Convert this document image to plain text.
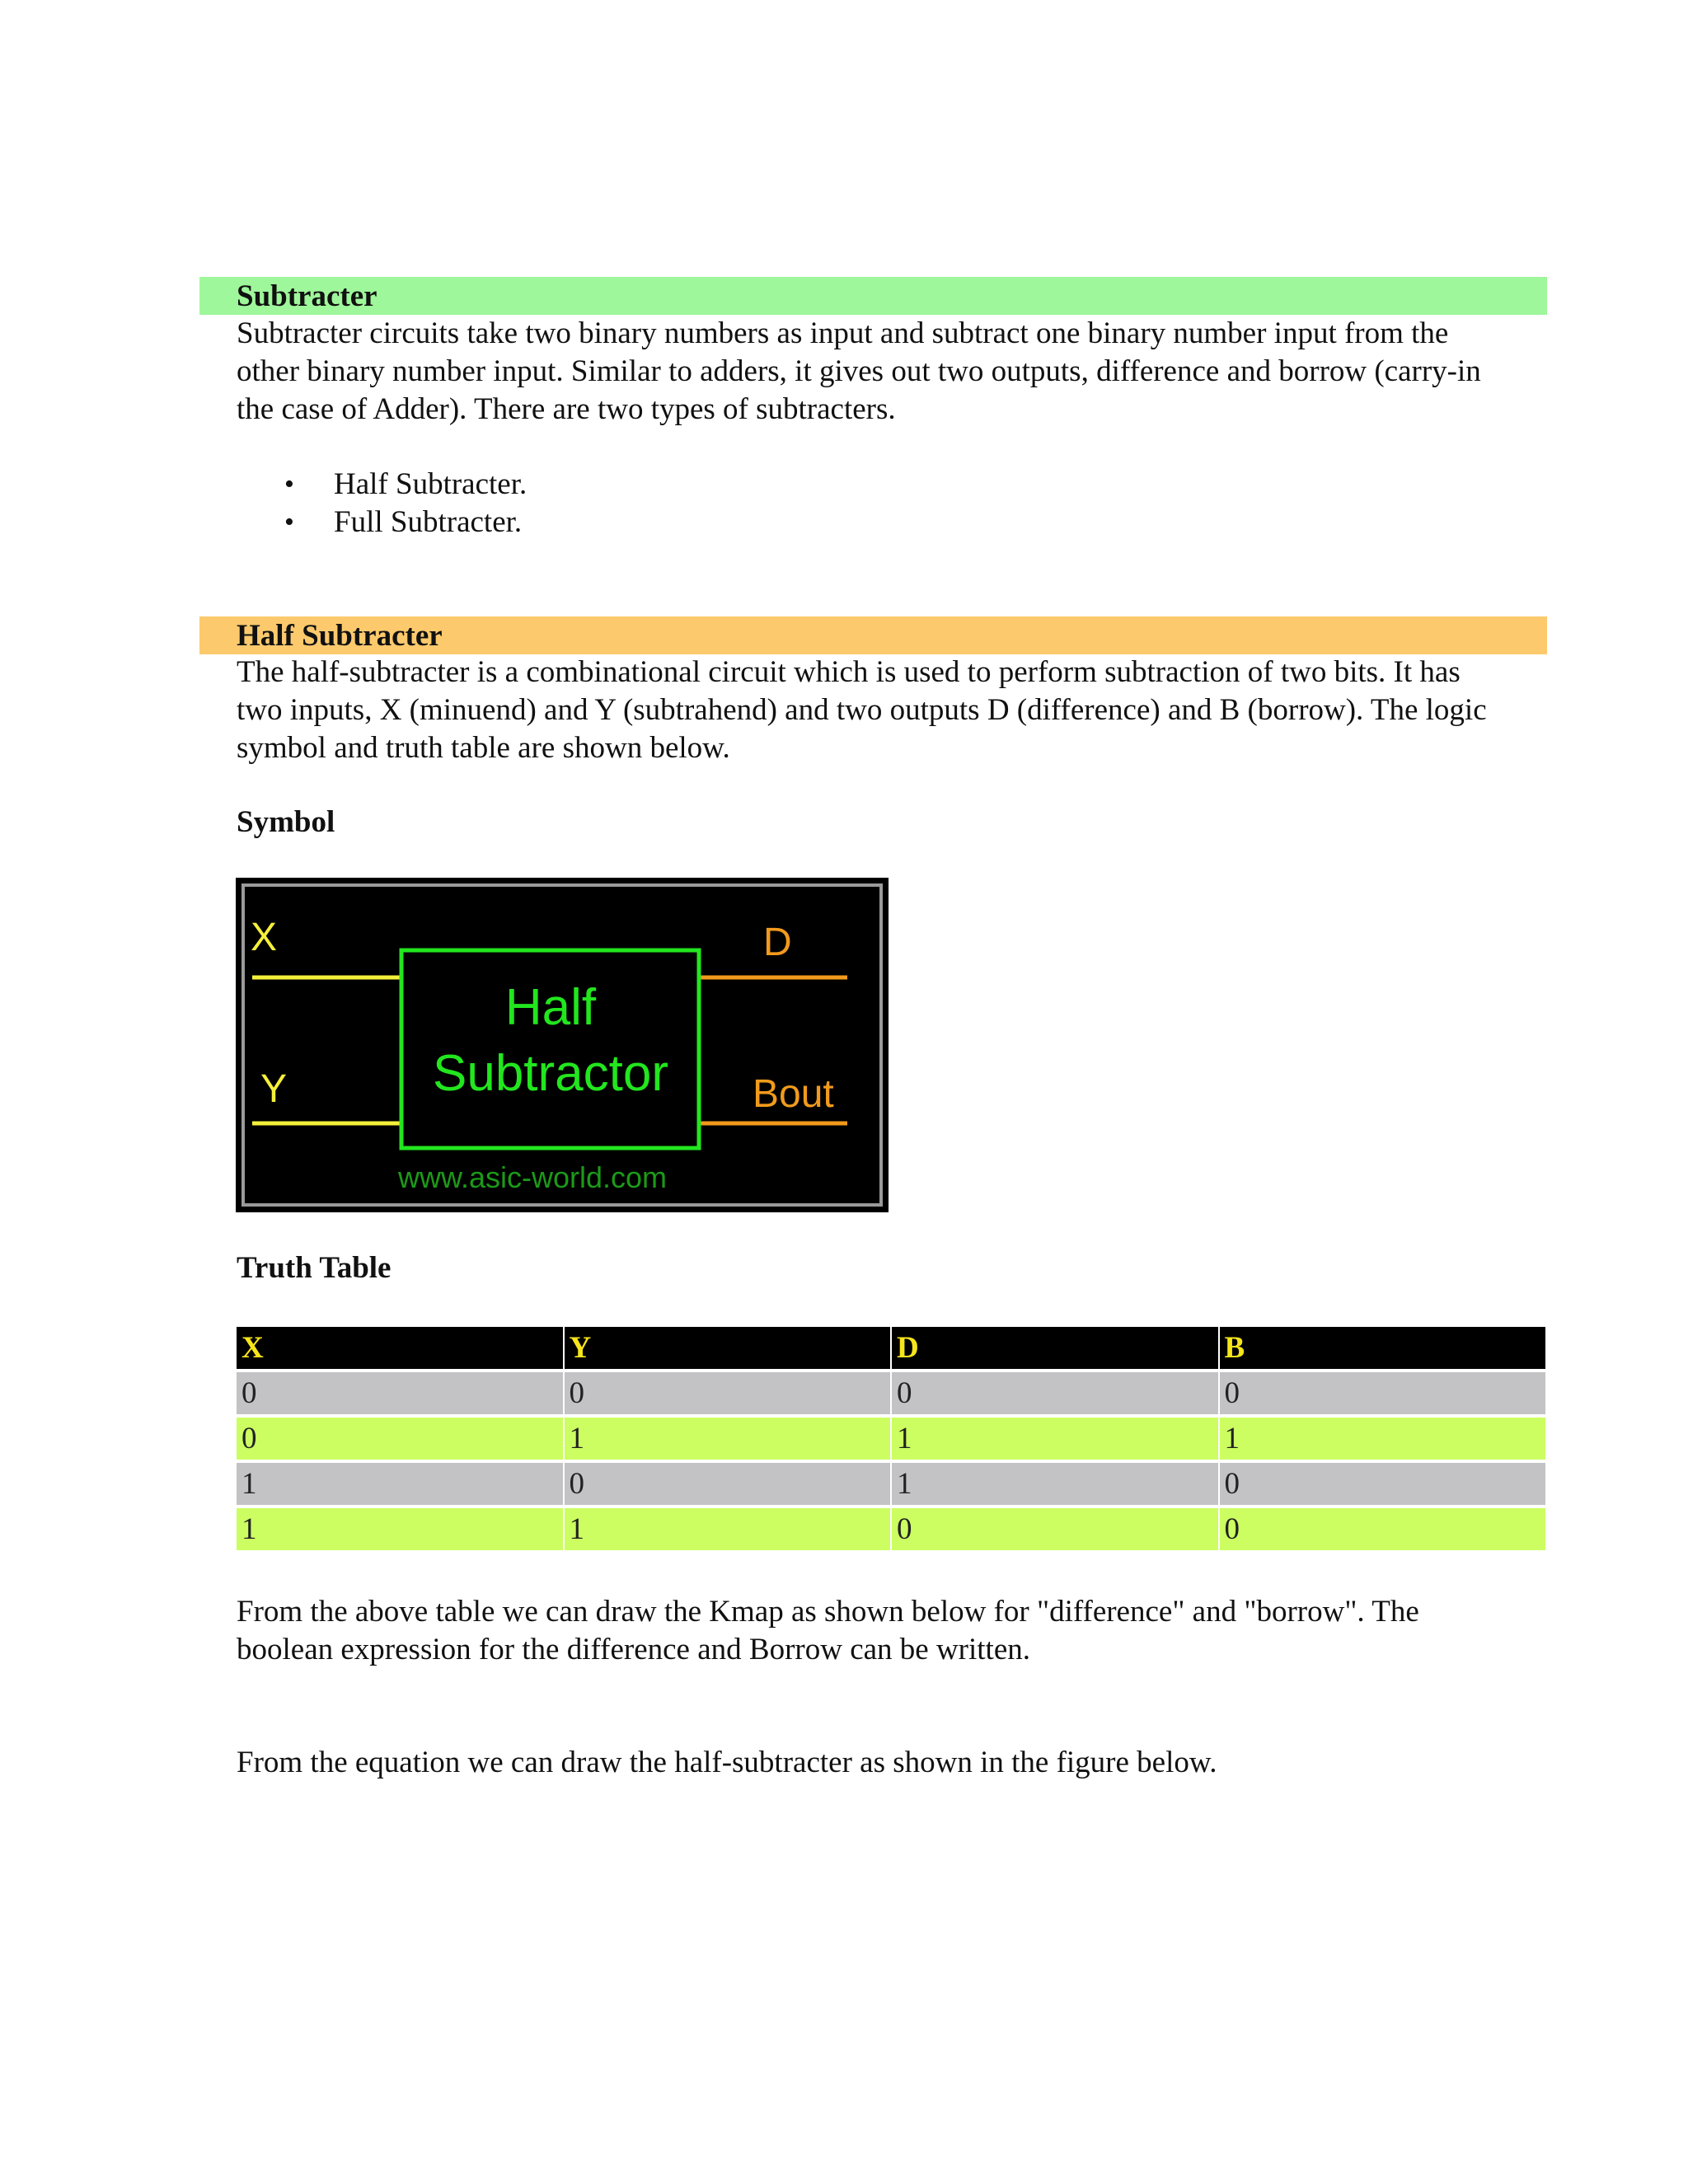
Subtracter
Subtracter circuits take two binary numbers as input and subtract one binary number input from the
other binary number input. Similar to adders, it gives out two outputs, difference and borrow (carry-in
the case of Adder). There are two types of subtracters.
• Half Subtracter.
• Full Subtracter.
Half Subtracter
The half-subtracter is a combinational circuit which is used to perform subtraction of two bits. It has
two inputs, X (minuend) and Y (subtrahend) and two outputs D (difference) and B (borrow). The logic
symbol and truth table are shown below.
Symbol
X
Y
D
Bout
Half
Subtractor
www.asic-world.com
Truth Table
X	Y	D	B
0	0	0	0
0	1	1	1
1	0	1	0
1	1	0	0
From the above table we can draw the Kmap as shown below for "difference" and "borrow". The
boolean expression for the difference and Borrow can be written.
From the equation we can draw the half-subtracter as shown in the figure below.
